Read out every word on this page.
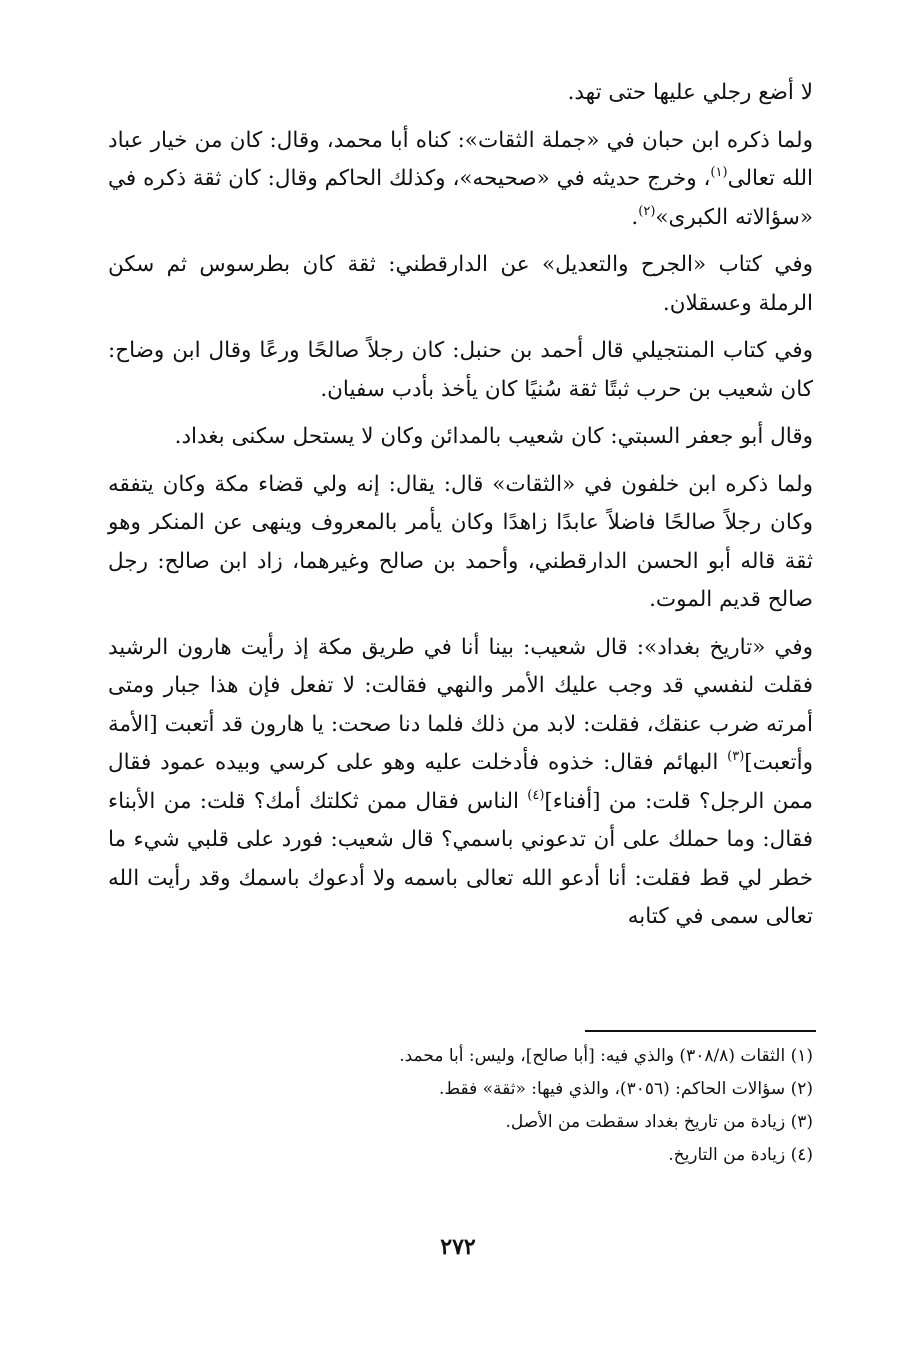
لا أضع رجلي عليها حتى تهد.

ولما ذكره ابن حبان في «جملة الثقات»: كناه أبا محمد، وقال: كان من خيار عباد الله تعالى$^{(١)}$، وخرج حديثه في «صحيحه»، وكذلك الحاكم وقال: كان ثقة ذكره في «سؤالاته الكبرى»$^{(٢)}$.

وفي كتاب «الجرح والتعديل» عن الدارقطني: ثقة كان بطرسوس ثم سكن الرملة وعسقلان.

وفي كتاب المنتجيلي قال أحمد بن حنبل: كان رجلاً صالحًا ورعًا وقال ابن وضاح: كان شعيب بن حرب ثبتًا ثقة سُنيًا كان يأخذ بأدب سفيان.

وقال أبو جعفر السبتي: كان شعيب بالمدائن وكان لا يستحل سكنى بغداد.

ولما ذكره ابن خلفون في «الثقات» قال: يقال: إنه ولي قضاء مكة وكان يتفقه وكان رجلاً صالحًا فاضلاً عابدًا زاهدًا وكان يأمر بالمعروف وينهى عن المنكر وهو ثقة قاله أبو الحسن الدارقطني، وأحمد بن صالح وغيرهما، زاد ابن صالح: رجل صالح قديم الموت.

وفي «تاريخ بغداد»: قال شعيب: بينا أنا في طريق مكة إذ رأيت هارون الرشيد فقلت لنفسي قد وجب عليك الأمر والنهي فقالت: لا تفعل فإن هذا جبار ومتى أمرته ضرب عنقك، فقلت: لابد من ذلك فلما دنا صحت: يا هارون قد أتعبت [الأمة وأتعبت]$^{(٣)}$ البهائم فقال: خذوه فأدخلت عليه وهو على كرسي وبيده عمود فقال ممن الرجل؟ قلت: من [أفناء]$^{(٤)}$ الناس فقال ممن ثكلتك أمك؟ قلت: من الأبناء فقال: وما حملك على أن تدعوني باسمي؟ قال شعيب: فورد على قلبي شيء ما خطر لي قط فقلت: أنا أدعو الله تعالى باسمه ولا أدعوك باسمك وقد رأيت الله تعالى سمى في كتابه

(١) الثقات (٣٠٨/٨) والذي فيه: [أبا صالح]، وليس: أبا محمد.
(٢) سؤالات الحاكم: (٣٠٥٦)، والذي فيها: «ثقة» فقط.
(٣) زيادة من تاريخ بغداد سقطت من الأصل.
(٤) زيادة من التاريخ.
٢٧٢
